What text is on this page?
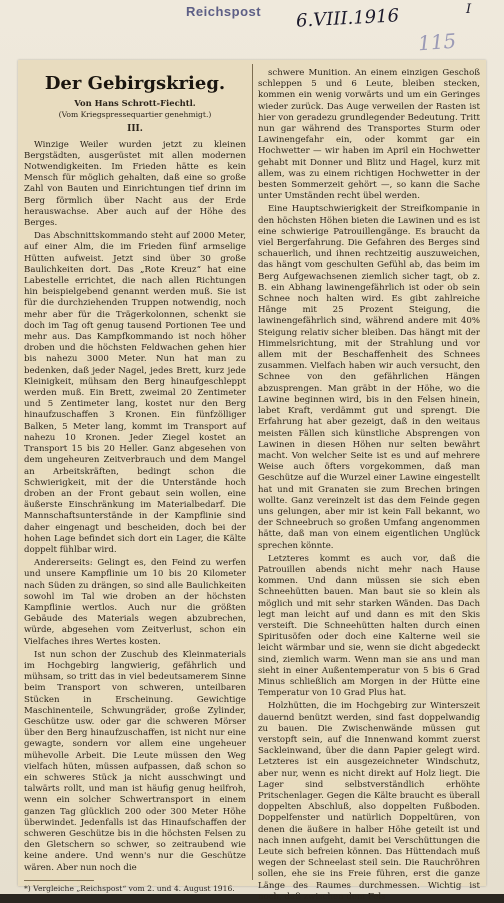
Reichspost 6.VIII.1916	I
115
Der Gebirgskrieg.
Von Hans Schrott-Fiechtl.
(Vom Kriegspressequartier genehmigt.)
III.

Winzige Weiler wurden jetzt zu kleinen Bergstädten, ausgerüstet mit allen modernen Notwendigkeiten. Im Frieden hätte es kein Mensch für möglich gehalten, daß eine so große Zahl von Bauten und Einrichtungen tief drinn im Berg förmlich über Nacht aus der Erde herauswachse. Aber auch auf der Höhe des Berges.

Das Abschnittskommando steht auf 2000 Meter, auf einer Alm, die im Frieden fünf armselige Hütten aufweist. Jetzt sind über 30 große Baulichkeiten dort. Das „Rote Kreuz“ hat eine Labestelle errichtet, die nach allen Richtungen hin beispielgebend genannt werden muß. Sie ist für die durchziehenden Truppen notwendig, noch mehr aber für die Trägerkolonnen, schenkt sie doch im Tag oft genug tausend Portionen Tee und mehr aus. Das Kampfkommando ist noch höher droben und die höchsten Feldwachen gehen hier bis nahezu 3000 Meter. Nun hat man zu bedenken, daß jeder Nagel, jedes Brett, kurz jede Kleinigkeit, mühsam den Berg hinaufgeschleppt werden muß. Ein Brett, zweimal 20 Zentimeter und 5 Zentimeter lang, kostet nur den Berg hinaufzuschaffen 3 Kronen. Ein fünfzölliger Balken, 5 Meter lang, kommt im Transport auf nahezu 10 Kronen. Jeder Ziegel kostet an Transport 15 bis 20 Heller. Ganz abgesehen von dem ungeheuren Zeitverbrauch und dem Mangel an Arbeitskräften, bedingt schon die Schwierigkeit, mit der die Unterstände hoch droben an der Front gebaut sein wollen, eine äußerste Einschränkung im Materialbedarf. Die Mannschaftsunterstände in der Kampflinie sind daher eingenagt und bescheiden, doch bei der hohen Lage befindet sich dort ein Lager, die Kälte doppelt fühlbar wird.

Andererseits: Gelingt es, den Feind zu werfen und unsere Kampflinie um 10 bis 20 Kilometer nach Süden zu drängen, so sind alle Baulichkeiten sowohl im Tal wie droben an der höchsten Kampflinie wertlos. Auch nur die größten Gebäude des Materials wegen abzubrechen, würde, abgesehen vom Zeitverlust, schon ein Vielfaches ihres Wertes kosten.

Ist nun schon der Zuschub des Kleinmaterials im Hochgebirg langwierig, gefährlich und mühsam, so tritt das in viel bedeutsamerem Sinne beim Transport von schweren, unteilbaren Stücken in Erscheinung. Gewichtige Maschinenteile, Schwungräder, große Zylinder, Geschütze usw. oder gar die schweren Mörser über den Berg hinaufzuschaffen, ist nicht nur eine gewagte, sondern vor allem eine ungeheuer mühevolle Arbeit. Die Leute müssen den Weg vielfach hüten, müssen aufpassen, daß schon so ein schweres Stück ja nicht ausschwingt und talwärts rollt, und man ist häufig genug heilfroh, wenn ein solcher Schwertransport in einem ganzen Tag glücklich 200 oder 300 Meter Höhe überwindet. Jedenfalls ist das Hinaufschaffen der schweren Geschütze bis in die höchsten Felsen zu den Gletschern so schwer, so zeitraubend wie keine andere. Und wenn's nur die Geschütze wären. Aber nun noch die

*) Vergleiche „Reichspost“ vom 2. und 4. August 1916.

schwere Munition. An einem einzigen Geschoß schleppen 5 und 6 Leute, bleiben stecken, kommen ein wenig vorwärts und um ein Geringes wieder zurück. Das Auge verweilen der Rasten ist hier von geradezu grundlegender Bedeutung. Tritt nun gar während des Transportes Sturm oder Lawinengefahr ein, oder kommt gar ein Hochwetter — wir haben im April ein Hochwetter gehabt mit Donner und Blitz und Hagel, kurz mit allem, was zu einem richtigen Hochwetter in der besten Sommerzeit gehört —, so kann die Sache unter Umständen recht übel werden.

Eine Hauptschwierigkeit der Streifkompanie in den höchsten Höhen bieten die Lawinen und es ist eine schwierige Patrouillengänge. Es braucht da viel Bergerfahrung. Die Gefahren des Berges sind schauerlich, und ihnen rechtzeitig auszuweichen, das hängt vom geschulten Gefühl ab, das beim im Berg Aufgewachsenen ziemlich sicher tagt, ob z. B. ein Abhang lawinengefährlich ist oder ob sein Schnee noch halten wird. Es gibt zahlreiche Hänge mit 25 Prozent Steigung, die lawinengefährlich sind, während andere mit 40% Steigung relativ sicher bleiben. Das hängt mit der Himmelsrichtung, mit der Strahlung und vor allem mit der Beschaffenheit des Schnees zusammen. Vielfach haben wir auch versucht, den Schnee von den gefährlichen Hängen abzusprengen. Man gräbt in der Höhe, wo die Lawine beginnen wird, bis in den Felsen hinein, labet Kraft, verdämmt gut und sprengt. Die Erfahrung hat aber gezeigt, daß in den weitaus meisten Fällen sich künstliche Absprengen von Lawinen in diesen Höhen nur selten bewährt macht. Von welcher Seite ist es und auf mehrere Weise auch öfters vorgekommen, daß man Geschütze auf die Wurzel einer Lawine eingestellt hat und mit Granaten sie zum Brechen bringen wollte. Ganz vereinzelt ist das dem Feinde gegen uns gelungen, aber mir ist kein Fall bekannt, wo der Schneebruch so großen Umfang angenommen hätte, daß man von einem eigentlichen Unglück sprechen könnte.

Letzteres kommt es auch vor, daß die Patrouillen abends nicht mehr nach Hause kommen. Und dann müssen sie sich eben Schneehütten bauen. Man baut sie so klein als möglich und mit sehr starken Wänden. Das Dach legt man leicht auf und dann es mit den Skis versteift. Die Schneehütten halten durch einen Spiritusöfen oder doch eine Kalterne weil sie leicht wärmbar und sie, wenn sie dicht abgedeckt sind, ziemlich warm. Wenn man sie ans und man sieht in einer Außentemperatur von 5 bis 6 Grad Minus schließlich am Morgen in der Hütte eine Temperatur von 10 Grad Plus hat.

Holzhütten, die im Hochgebirg zur Winterszeit dauernd benützt werden, sind fast doppelwandig zu bauen. Die Zwischenwände müssen gut verstopft sein, auf die Innenwand kommt zuerst Sackleinwand, über die dann Papier gelegt wird. Letzteres ist ein ausgezeichneter Windschutz, aber nur, wenn es nicht direkt auf Holz liegt. Die Lager sind selbstverständlich erhöhte Pritschenlager. Gegen die Kälte braucht es überall doppelten Abschluß, also doppelten Fußboden. Doppelfenster und natürlich Doppeltüren, von denen die äußere in halber Höhe geteilt ist und nach innen aufgeht, damit bei Verschüttungen die Leute sich befreien können. Das Hüttendach muß wegen der Schneelast steil sein. Die Rauchröhren sollen, ehe sie ins Freie führen, erst die ganze Länge des Raumes durchmessen. Wichtig ist noch, daß zwischen dem Fels
